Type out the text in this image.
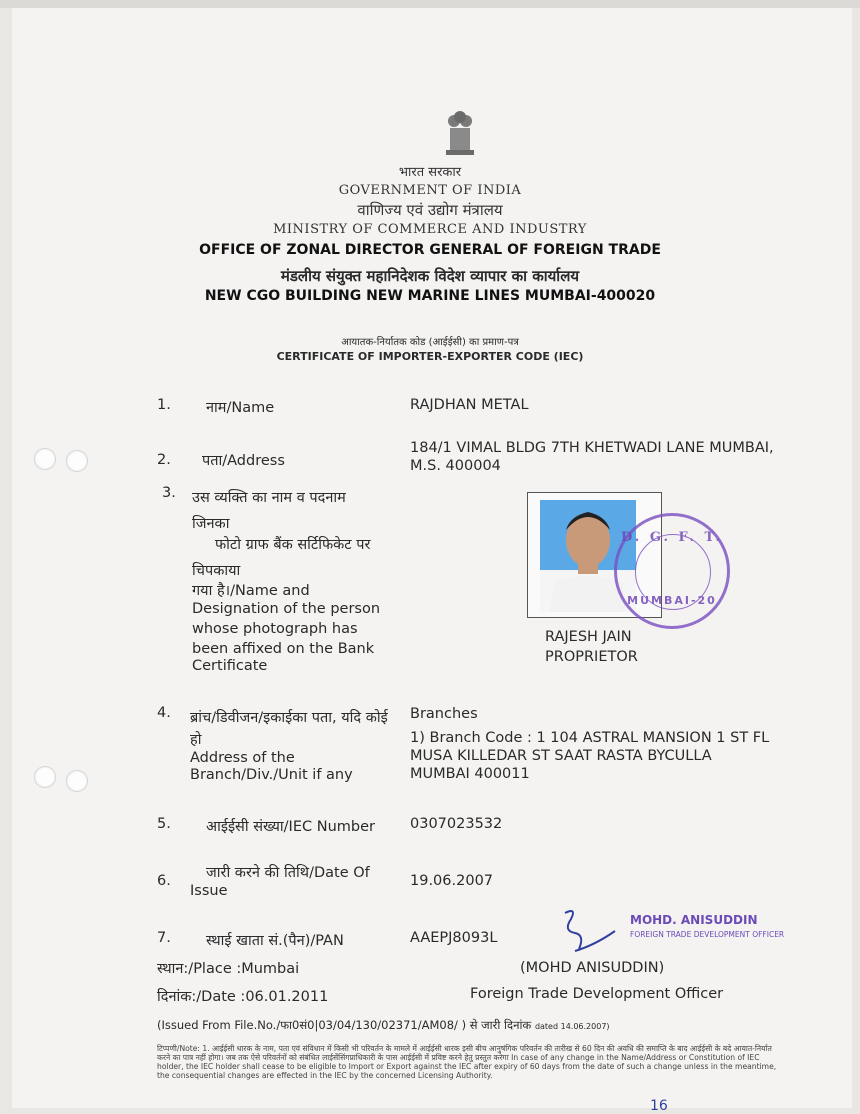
भारत सरकार
GOVERNMENT OF INDIA
वाणिज्य एवं उद्योग मंत्रालय
MINISTRY OF COMMERCE AND INDUSTRY
OFFICE OF ZONAL DIRECTOR GENERAL OF FOREIGN TRADE
मंडलीय संयुक्त महानिदेशक विदेश व्यापार का कार्यालय
NEW CGO BUILDING NEW MARINE LINES MUMBAI-400020
आयातक-निर्यातक कोड (आईईसी) का प्रमाण-पत्र
CERTIFICATE OF IMPORTER-EXPORTER CODE (IEC)
1. नाम/Name	RAJDHAN METAL
2. पता/Address
184/1 VIMAL BLDG 7TH KHETWADI LANE MUMBAI,
M.S. 400004
3. उस व्यक्ति का नाम व पदनाम
जिनका
फोटो ग्राफ बैंक सर्टिफिकेट पर
चिपकाया
गया है।/Name and
Designation of the person
whose photograph has
been affixed on the Bank
Certificate
D. G. F. T.
MUMBAI-20
RAJESH JAIN
PROPRIETOR
4. ब्रांच/डिवीजन/इकाईका पता, यदि कोई
हो
Address of the
Branch/Div./Unit if any
Branches
1) Branch Code : 1 104 ASTRAL MANSION 1 ST FL
MUSA KILLEDAR ST SAAT RASTA BYCULLA
MUMBAI 400011
5. आईईसी संख्या/IEC Number 0307023532
6. जारी करने की तिथि/Date Of
Issue
19.06.2007
7. स्थाई खाता सं.(पैन)/PAN	AAEPJ8093L
स्थान:/Place :Mumbai
दिनांक:/Date :06.01.2011
MOHD. ANISUDDIN
FOREIGN TRADE DEVELOPMENT OFFICER
(MOHD ANISUDDIN)
Foreign Trade Development Officer
(Issued From File.No./फा0सं0|03/04/130/02371/AM08/ ) से जारी दिनांक dated 14.06.2007)
टिप्पणी/Note: 1. आईईसी धारक के नाम, पता एवं संविधान में किसी भी परिवर्तन के मामले में आईईसी धारक इसी बीच आनुषंगिक परिवर्तन की तारीख से 60 दिन की अवधि की समाप्ति के बाद आईईसी के बदे आयात-निर्यात करने का पात्र नहीं होगा। जब तक ऐसे परिवर्तनों को संबंधित लाईसेंसिंगप्राधिकारी के पास आईईसी में प्रविष्ट करने हेतु प्रस्तुत करेगा In case of any change in the Name/Address or Constitution of IEC holder, the IEC holder shall cease to be eligible to Import or Export against the IEC after expiry of 60 days from the date of such a change unless in the meantime, the consequential changes are effected in the IEC by the concerned Licensing Authority.
16
